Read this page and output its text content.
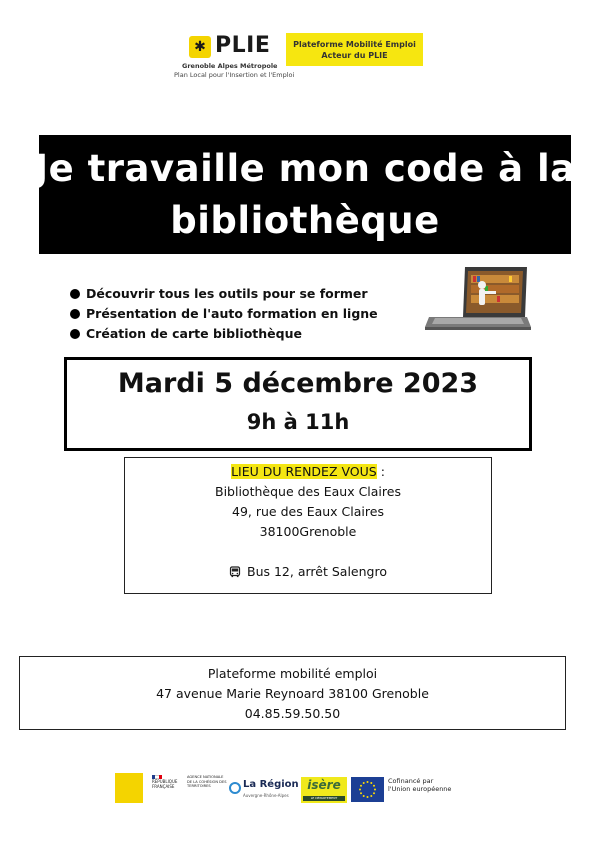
✱ PLIE
Grenoble Alpes Métropole
Plan Local pour l'Insertion et l'Emploi
Plateforme Mobilité Emploi
Acteur du PLIE
Je travaille mon code à la
bibliothèque
Découvrir tous les outils pour se former
Présentation de l'auto formation en ligne
Création de carte bibliothèque
Mardi 5 décembre 2023
9h à 11h
LIEU DU RENDEZ VOUS :
Bibliothèque des Eaux Claires
49, rue des Eaux Claires
38100Grenoble
Bus 12, arrêt Salengro
Plateforme mobilité emploi
47 avenue Marie Reynoard 38100 Grenoble
04.85.59.50.50
RÉPUBLIQUE FRANÇAISE
AGENCE NATIONALE DE LA COHÉSION DES TERRITOIRES	La Région
Auvergne-Rhône-Alpes
isère
LE DÉPARTEMENT
Cofinancé par
l'Union européenne
